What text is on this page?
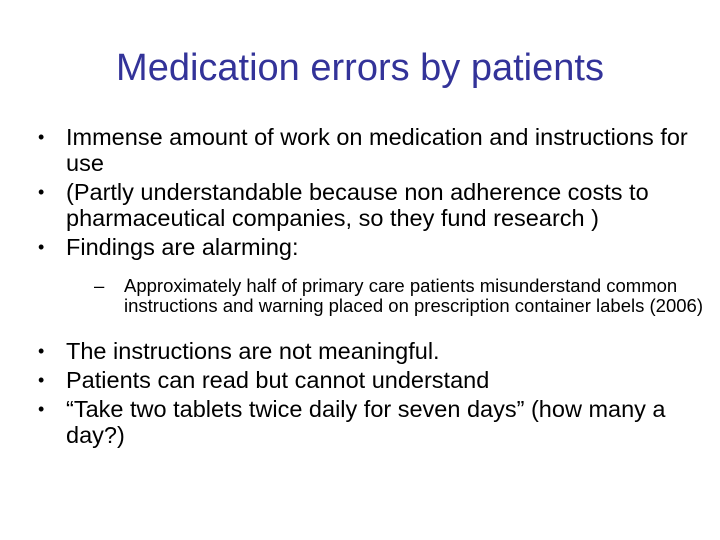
Medication errors by patients
• Immense amount of work on medication and instructions for use
• (Partly understandable because non adherence costs to pharmaceutical companies, so they fund research )
• Findings are alarming:
– Approximately half of primary care patients misunderstand common instructions and warning placed on prescription container labels (2006)
• The instructions are not meaningful.
• Patients can read but cannot understand
• “Take two tablets twice daily for seven days” (how many a day?)
